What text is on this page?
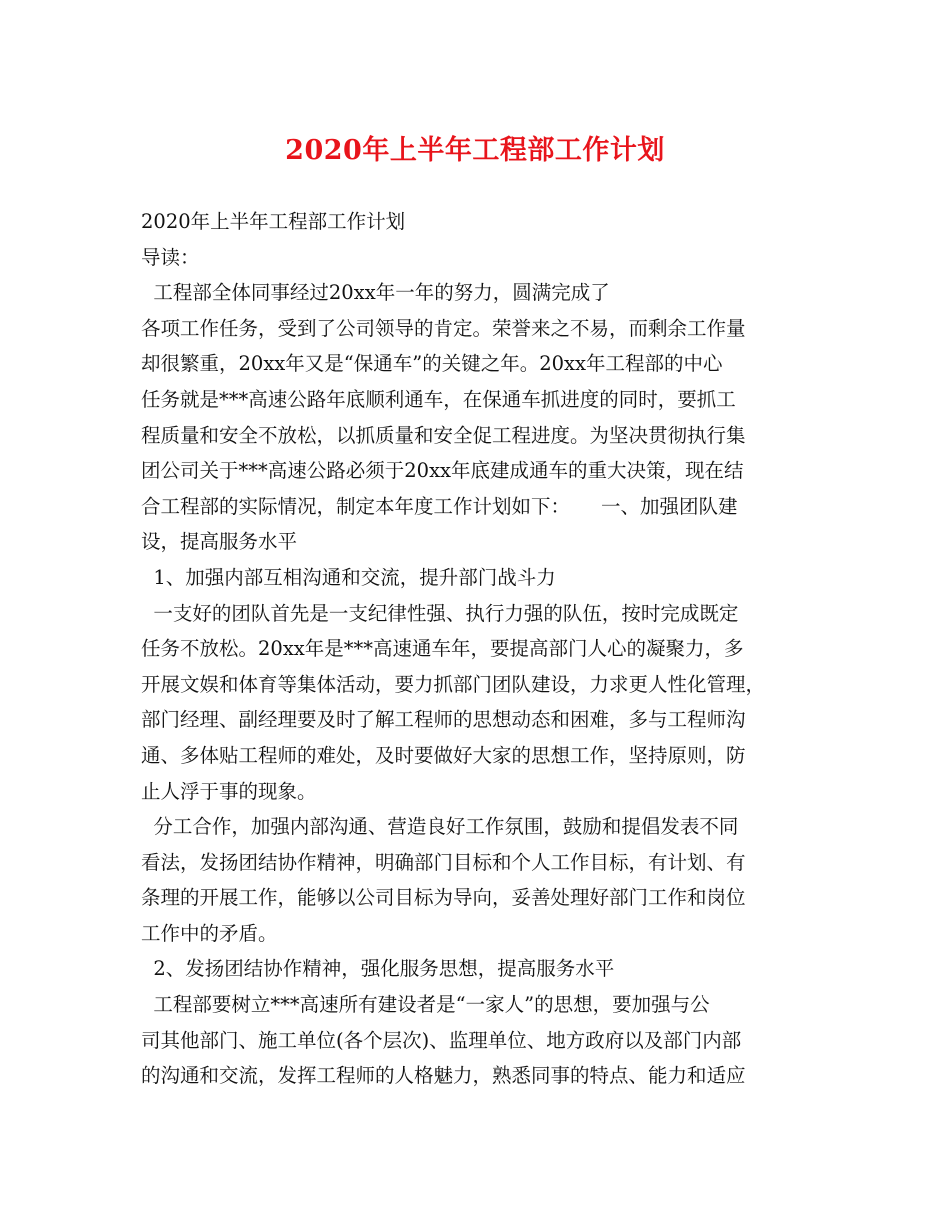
2020年上半年工程部工作计划
2020年上半年工程部工作计划
导读：
工程部全体同事经过20xx年一年的努力，圆满完成了
各项工作任务，受到了公司领导的肯定。荣誉来之不易，而剩余工作量
却很繁重，20xx年又是“保通车”的关键之年。20xx年工程部的中心
任务就是***高速公路年底顺利通车，在保通车抓进度的同时，要抓工
程质量和安全不放松，以抓质量和安全促工程进度。为坚决贯彻执行集
团公司关于***高速公路必须于20xx年底建成通车的重大决策，现在结
合工程部的实际情况，制定本年度工作计划如下：     一、加强团队建
设，提高服务水平
1、加强内部互相沟通和交流，提升部门战斗力
一支好的团队首先是一支纪律性强、执行力强的队伍，按时完成既定
任务不放松。20xx年是***高速通车年，要提高部门人心的凝聚力，多
开展文娱和体育等集体活动，要力抓部门团队建设，力求更人性化管理，
部门经理、副经理要及时了解工程师的思想动态和困难，多与工程师沟
通、多体贴工程师的难处，及时要做好大家的思想工作，坚持原则，防
止人浮于事的现象。
分工合作，加强内部沟通、营造良好工作氛围，鼓励和提倡发表不同
看法，发扬团结协作精神，明确部门目标和个人工作目标，有计划、有
条理的开展工作，能够以公司目标为导向，妥善处理好部门工作和岗位
工作中的矛盾。
2、发扬团结协作精神，强化服务思想，提高服务水平
工程部要树立***高速所有建设者是“一家人”的思想，要加强与公
司其他部门、施工单位(各个层次)、监理单位、地方政府以及部门内部
的沟通和交流，发挥工程师的人格魅力，熟悉同事的特点、能力和适应
